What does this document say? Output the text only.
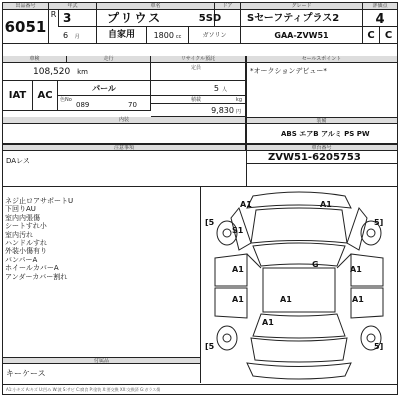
出品番号
6051
年式	車名	ドア	グレード	評価点
R 3	プリウス	5SD	Sセーフティプラス2	4
6 月	自家用	1800 cc	ガソリン	GAA-ZVW51	C	C
車検	走行	リサイクル預託	セールスポイント
108,520 km	定員
IAT	AC
パール	5 人
積載	kg
色No
089	70
9,830 円
内装
*オークションデビュー*
装備
ABS エアB アルミ PS PW
注意事項
DAレス
車台番号
ZVW51-6205753
ネジ止ロアサポートU
下回りAU
室内内張傷
シートすれ小
室内汚れ
ハンドルすれ
外装小傷有り
バンパーA
ホイールカバーA
アンダーカバー割れ
付属品
キーケース
[5	5]
[5	5]
A1	A1
S1
A1
G
A1
A1	A1	A1
A1
A1:小キズ A:キズ U:凹み W:波 S:サビ C:腐食 P:塗装 X:要交換 XX:交換済 G:ガラス傷
